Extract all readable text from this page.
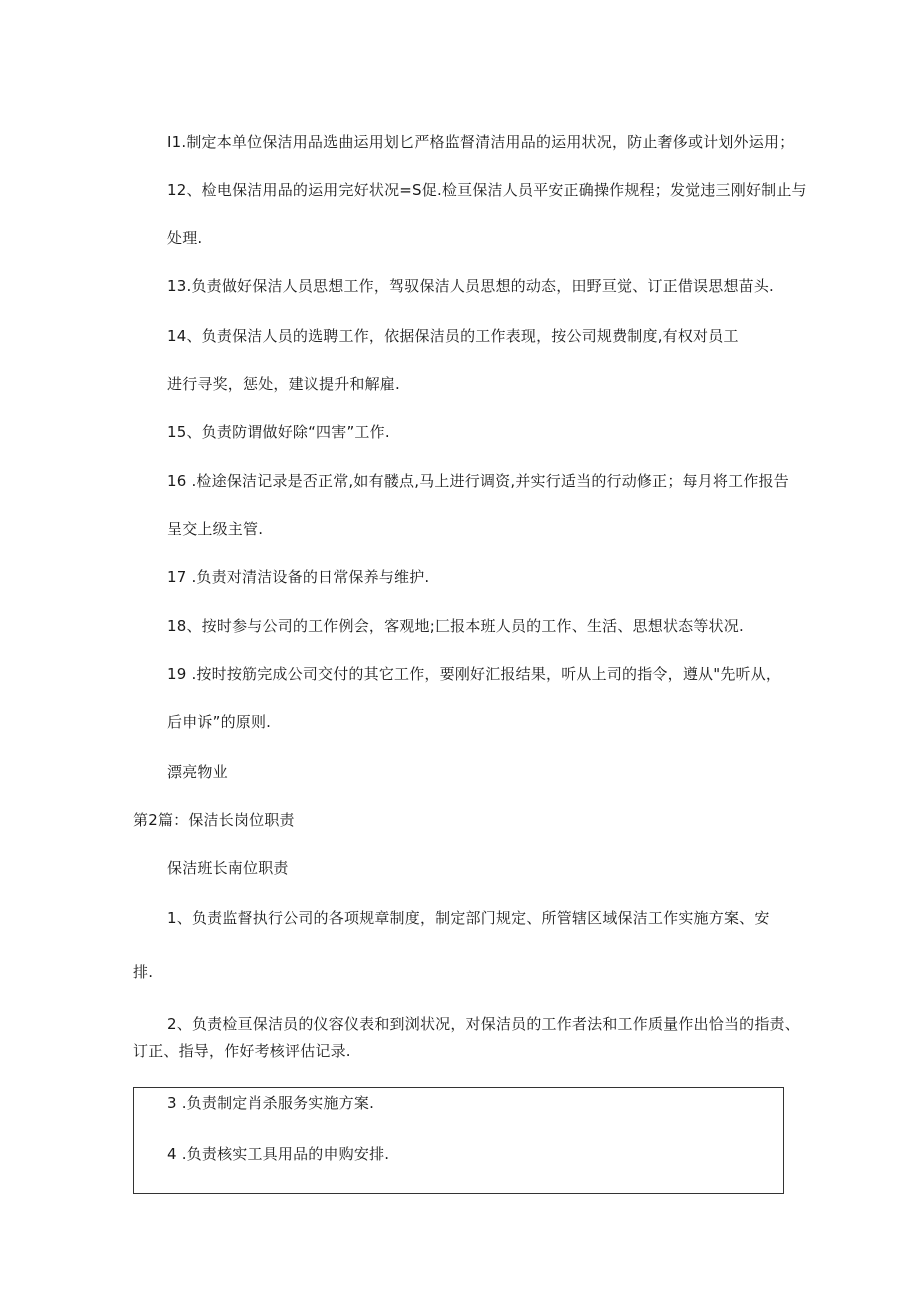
I1.制定本单位保洁用品选曲运用划匕严格监督清洁用品的运用状况，防止奢侈或计划外运用；
12、检电保洁用品的运用完好状况=S促.检亘保洁人员平安正确操作规程；发觉违三刚好制止与
处理.
13.负责做好保洁人员思想工作，驾驭保洁人员思想的动态，田野亘觉、订正借误思想苗头.
14、负责保洁人员的选聘工作，依据保洁员的工作表现，按公司规费制度,有权对员工
进行寻奖，惩处，建议提升和解雇.
15、负责防谓做好除“四害”工作.
16 .检途保洁记录是否正常,如有髅点,马上进行调资,并实行适当的行动修正；每月将工作报告
呈交上级主管.
17 .负责对清洁设备的日常保养与维护.
18、按时参与公司的工作例会，客观地;匚报本班人员的工作、生活、思想状态等状况.
19 .按时按筋完成公司交付的其它工作，要刚好汇报结果，听从上司的指令，遵从"先听从，
后申诉”的原则.
漂亮物业
第2篇：保洁长岗位职责
保洁班长南位职责
1、负责监督执行公司的各项规章制度，制定部门规定、所管辖区域保洁工作实施方案、安
排.
2、负责检亘保洁员的仪容仪表和到浏状况，对保洁员的工作者法和工作质量作出恰当的指责、
订正、指导，作好考核评估记录.
3 .负责制定肖杀服务实施方案.
4 .负责核实工具用品的申购安排.
